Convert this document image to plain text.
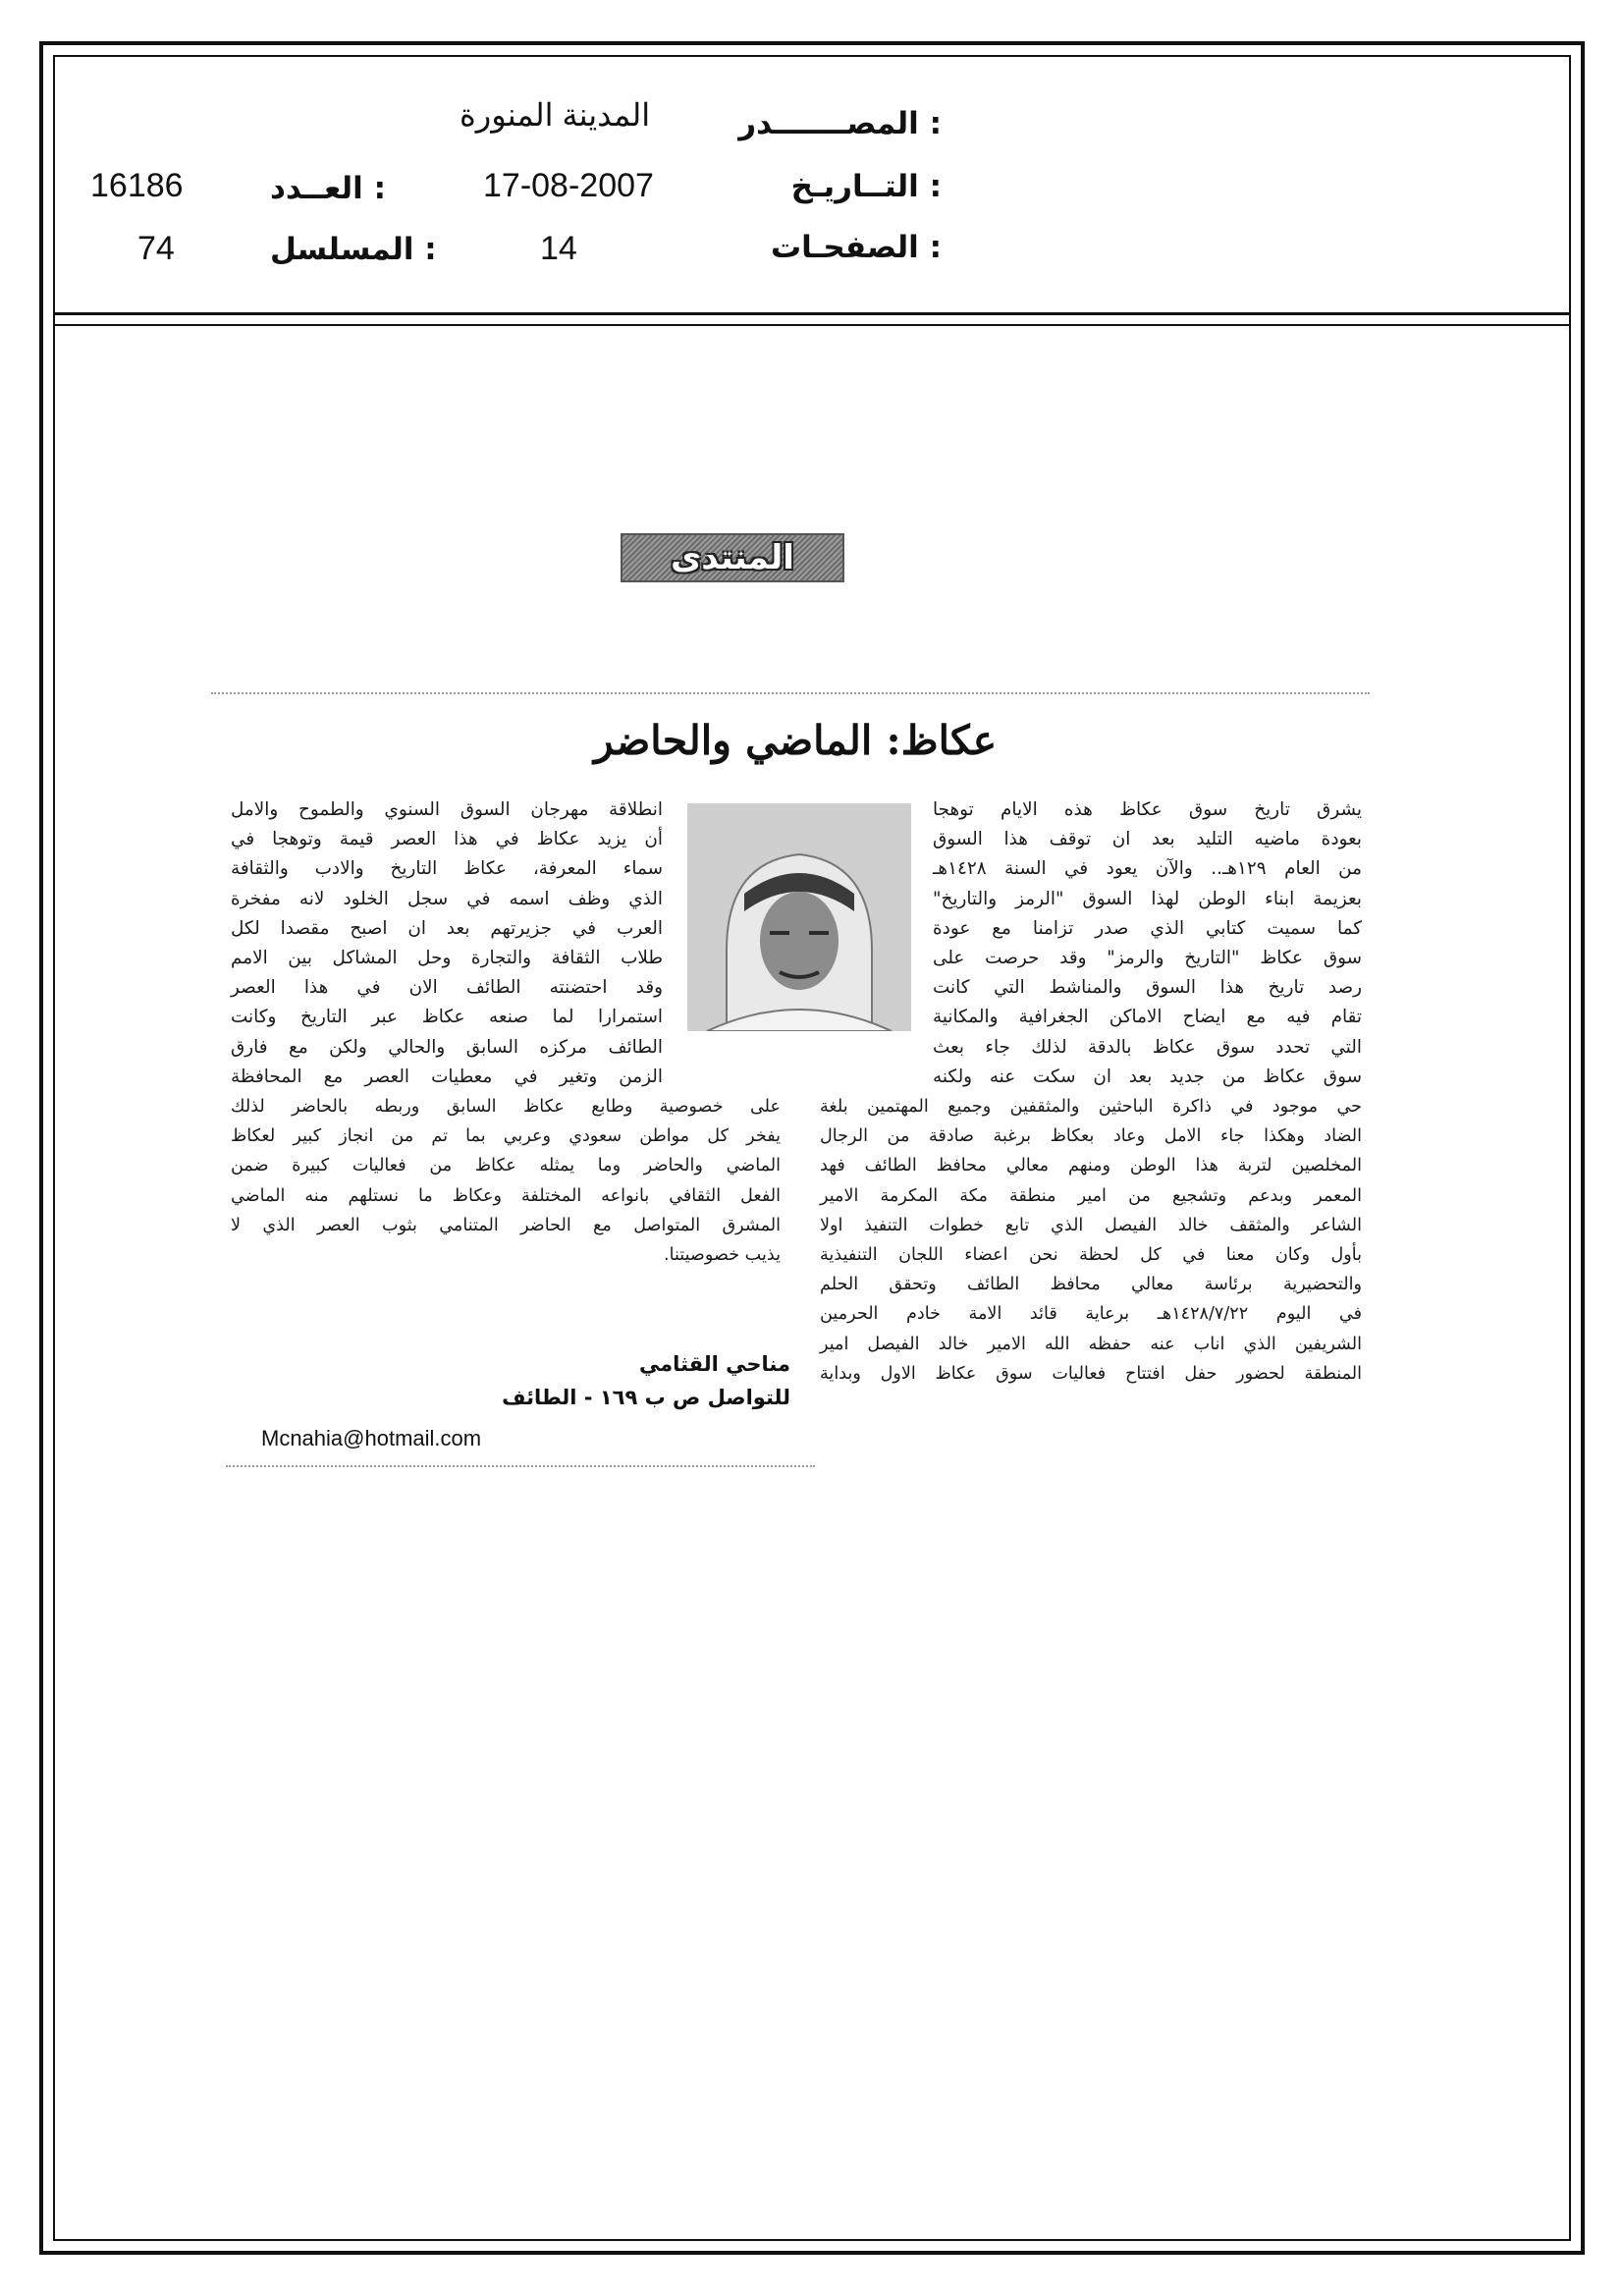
المصـــــــدر :
المدينة المنورة
التــاريـخ :
17-08-2007
العــدد :
16186
الصفحـات :
14
المسلسل :
74
المنتدى
عكاظ: الماضي والحاضر
يشرق تاريخ سوق عكاظ هذه الايام توهجا
بعودة ماضيه التليد بعد ان توقف هذا السوق
من العام ١٢٩هـ.. والآن يعود في السنة ١٤٢٨هـ
بعزيمة ابناء الوطن لهذا السوق "الرمز والتاريخ"
كما سميت كتابي الذي صدر تزامنا مع عودة
سوق عكاظ "التاريخ والرمز" وقد حرصت على
رصد تاريخ هذا السوق والمناشط التي كانت
تقام فيه مع ايضاح الاماكن الجغرافية والمكانية
التي تحدد سوق عكاظ بالدقة لذلك جاء بعث
سوق عكاظ من جديد بعد ان سكت عنه ولكنه
حي موجود في ذاكرة الباحثين والمثقفين وجميع المهتمين بلغة
الضاد وهكذا جاء الامل وعاد بعكاظ برغبة صادقة من الرجال
المخلصين لتربة هذا الوطن ومنهم معالي محافظ الطائف فهد
المعمر وبدعم وتشجيع من امير منطقة مكة المكرمة الامير
الشاعر والمثقف خالد الفيصل الذي تابع خطوات التنفيذ اولا
بأول وكان معنا في كل لحظة نحن اعضاء اللجان التنفيذية
والتحضيرية برئاسة معالي محافظ الطائف وتحقق الحلم
في اليوم ١٤٢٨/٧/٢٢هـ برعاية قائد الامة خادم الحرمين
الشريفين الذي اناب عنه حفظه الله الامير خالد الفيصل امير
المنطقة لحضور حفل افتتاح فعاليات سوق عكاظ الاول وبداية
انطلاقة مهرجان السوق السنوي والطموح والامل
أن يزيد عكاظ في هذا العصر قيمة وتوهجا في
سماء المعرفة، عكاظ التاريخ والادب والثقافة
الذي وظف اسمه في سجل الخلود لانه مفخرة
العرب في جزيرتهم بعد ان اصبح مقصدا لكل
طلاب الثقافة والتجارة وحل المشاكل بين الامم
وقد احتضنته الطائف الان في هذا العصر
استمرارا لما صنعه عكاظ عبر التاريخ وكانت
الطائف مركزه السابق والحالي ولكن مع فارق
الزمن وتغير في معطيات العصر مع المحافظة
على خصوصية وطابع عكاظ السابق وربطه بالحاضر لذلك
يفخر كل مواطن سعودي وعربي بما تم من انجاز كبير لعكاظ
الماضي والحاضر وما يمثله عكاظ من فعاليات كبيرة ضمن
الفعل الثقافي بانواعه المختلفة وعكاظ ما نستلهم منه الماضي
المشرق المتواصل مع الحاضر المتنامي بثوب العصر الذي لا
يذيب خصوصيتنا.
مناحي القثامي
للتواصل ص ب ١٦٩ - الطائف
Mcnahia@hotmail.com
